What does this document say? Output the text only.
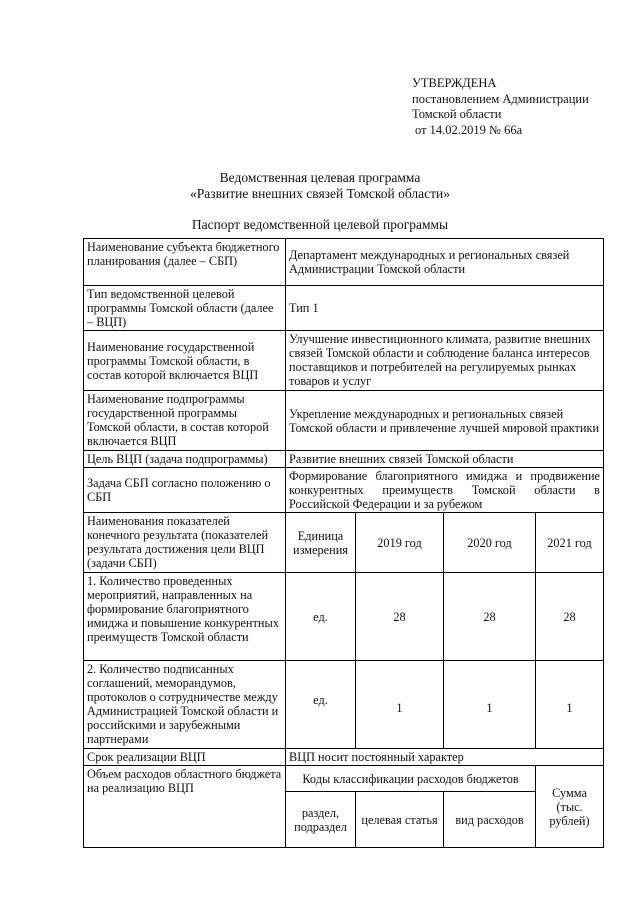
УТВЕРЖДЕНА
постановлением Администрации
Томской области
от 14.02.2019 № 66а
Ведомственная целевая программа
«Развитие внешних связей Томской области»
Паспорт ведомственной целевой программы
Наименование субъекта бюджетного планирования (далее – СБП)	Департамент международных и региональных связей Администрации Томской области			
Тип ведомственной целевой программы Томской области (далее – ВЦП)	Тип 1			
Наименование государственной программы Томской области, в состав которой включается ВЦП	Улучшение инвестиционного климата, развитие внешних связей Томской области и соблюдение баланса интересов поставщиков и потребителей на регулируемых рынках товаров и услуг			
Наименование подпрограммы государственной программы Томской области, в состав которой включается ВЦП	Укрепление международных и региональных связей Томской области и привлечение лучшей мировой практики			
Цель ВЦП (задача подпрограммы)	Развитие внешних связей Томской области			
Задача СБП согласно положению о СБП	Формирование благоприятного имиджа и продвижение конкурентных преимуществ Томской области в Российской Федерации и за рубежом			
Наименования показателей конечного результата (показателей результата достижения цели ВЦП (задачи СБП)	Единица измерения	2019 год	2020 год	2021 год
1. Количество проведенных мероприятий, направленных на формирование благоприятного имиджа и повышение конкурентных преимуществ Томской области	ед.	28	28	28
2. Количество подписанных соглашений, меморандумов, протоколов о сотрудничестве между Администрацией Томской области и российскими и зарубежными партнерами	ед.	1	1	1
Срок реализации ВЦП	ВЦП носит постоянный характер			
Объем расходов областного бюджета на реализацию ВЦП	Коды классификации расходов бюджетов			Сумма (тыс. рублей)
	раздел, подраздел	целевая статья	вид расходов	
